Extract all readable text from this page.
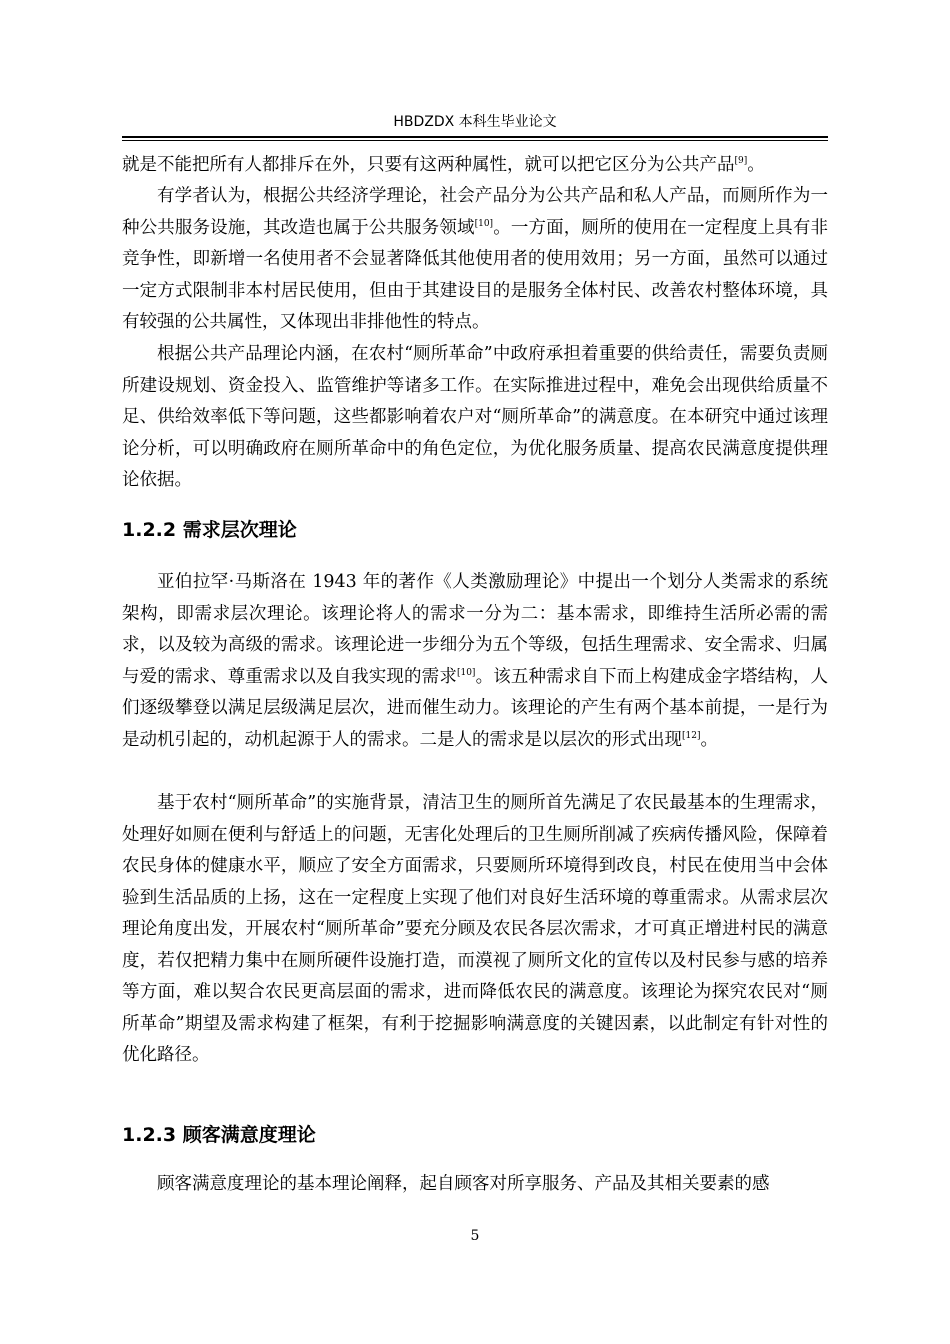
HBDZDX 本科生毕业论文

就是不能把所有人都排斥在外，只要有这两种属性，就可以把它区分为公共产品[9]。

有学者认为，根据公共经济学理论，社会产品分为公共产品和私人产品，而厕所作为一种公共服务设施，其改造也属于公共服务领域[10]。一方面，厕所的使用在一定程度上具有非竞争性，即新增一名使用者不会显著降低其他使用者的使用效用；另一方面，虽然可以通过一定方式限制非本村居民使用，但由于其建设目的是服务全体村民、改善农村整体环境，具有较强的公共属性，又体现出非排他性的特点。

根据公共产品理论内涵，在农村“厕所革命”中政府承担着重要的供给责任，需要负责厕所建设规划、资金投入、监管维护等诸多工作。在实际推进过程中，难免会出现供给质量不足、供给效率低下等问题，这些都影响着农户对“厕所革命”的满意度。在本研究中通过该理论分析，可以明确政府在厕所革命中的角色定位，为优化服务质量、提高农民满意度提供理论依据。

1.2.2 需求层次理论

亚伯拉罕·马斯洛在 1943 年的著作《人类激励理论》中提出一个划分人类需求的系统架构，即需求层次理论。该理论将人的需求一分为二：基本需求，即维持生活所必需的需求，以及较为高级的需求。该理论进一步细分为五个等级，包括生理需求、安全需求、归属与爱的需求、尊重需求以及自我实现的需求[10]。该五种需求自下而上构建成金字塔结构，人们逐级攀登以满足层级满足层次，进而催生动力。该理论的产生有两个基本前提，一是行为是动机引起的，动机起源于人的需求。二是人的需求是以层次的形式出现[12]。

基于农村“厕所革命”的实施背景，清洁卫生的厕所首先满足了农民最基本的生理需求，处理好如厕在便利与舒适上的问题，无害化处理后的卫生厕所削减了疾病传播风险，保障着农民身体的健康水平，顺应了安全方面需求，只要厕所环境得到改良，村民在使用当中会体验到生活品质的上扬，这在一定程度上实现了他们对良好生活环境的尊重需求。从需求层次理论角度出发，开展农村“厕所革命”要充分顾及农民各层次需求，才可真正增进村民的满意度，若仅把精力集中在厕所硬件设施打造，而漠视了厕所文化的宣传以及村民参与感的培养等方面，难以契合农民更高层面的需求，进而降低农民的满意度。该理论为探究农民对“厕所革命”期望及需求构建了框架，有利于挖掘影响满意度的关键因素，以此制定有针对性的优化路径。

1.2.3 顾客满意度理论

顾客满意度理论的基本理论阐释，起自顾客对所享服务、产品及其相关要素的感

5
